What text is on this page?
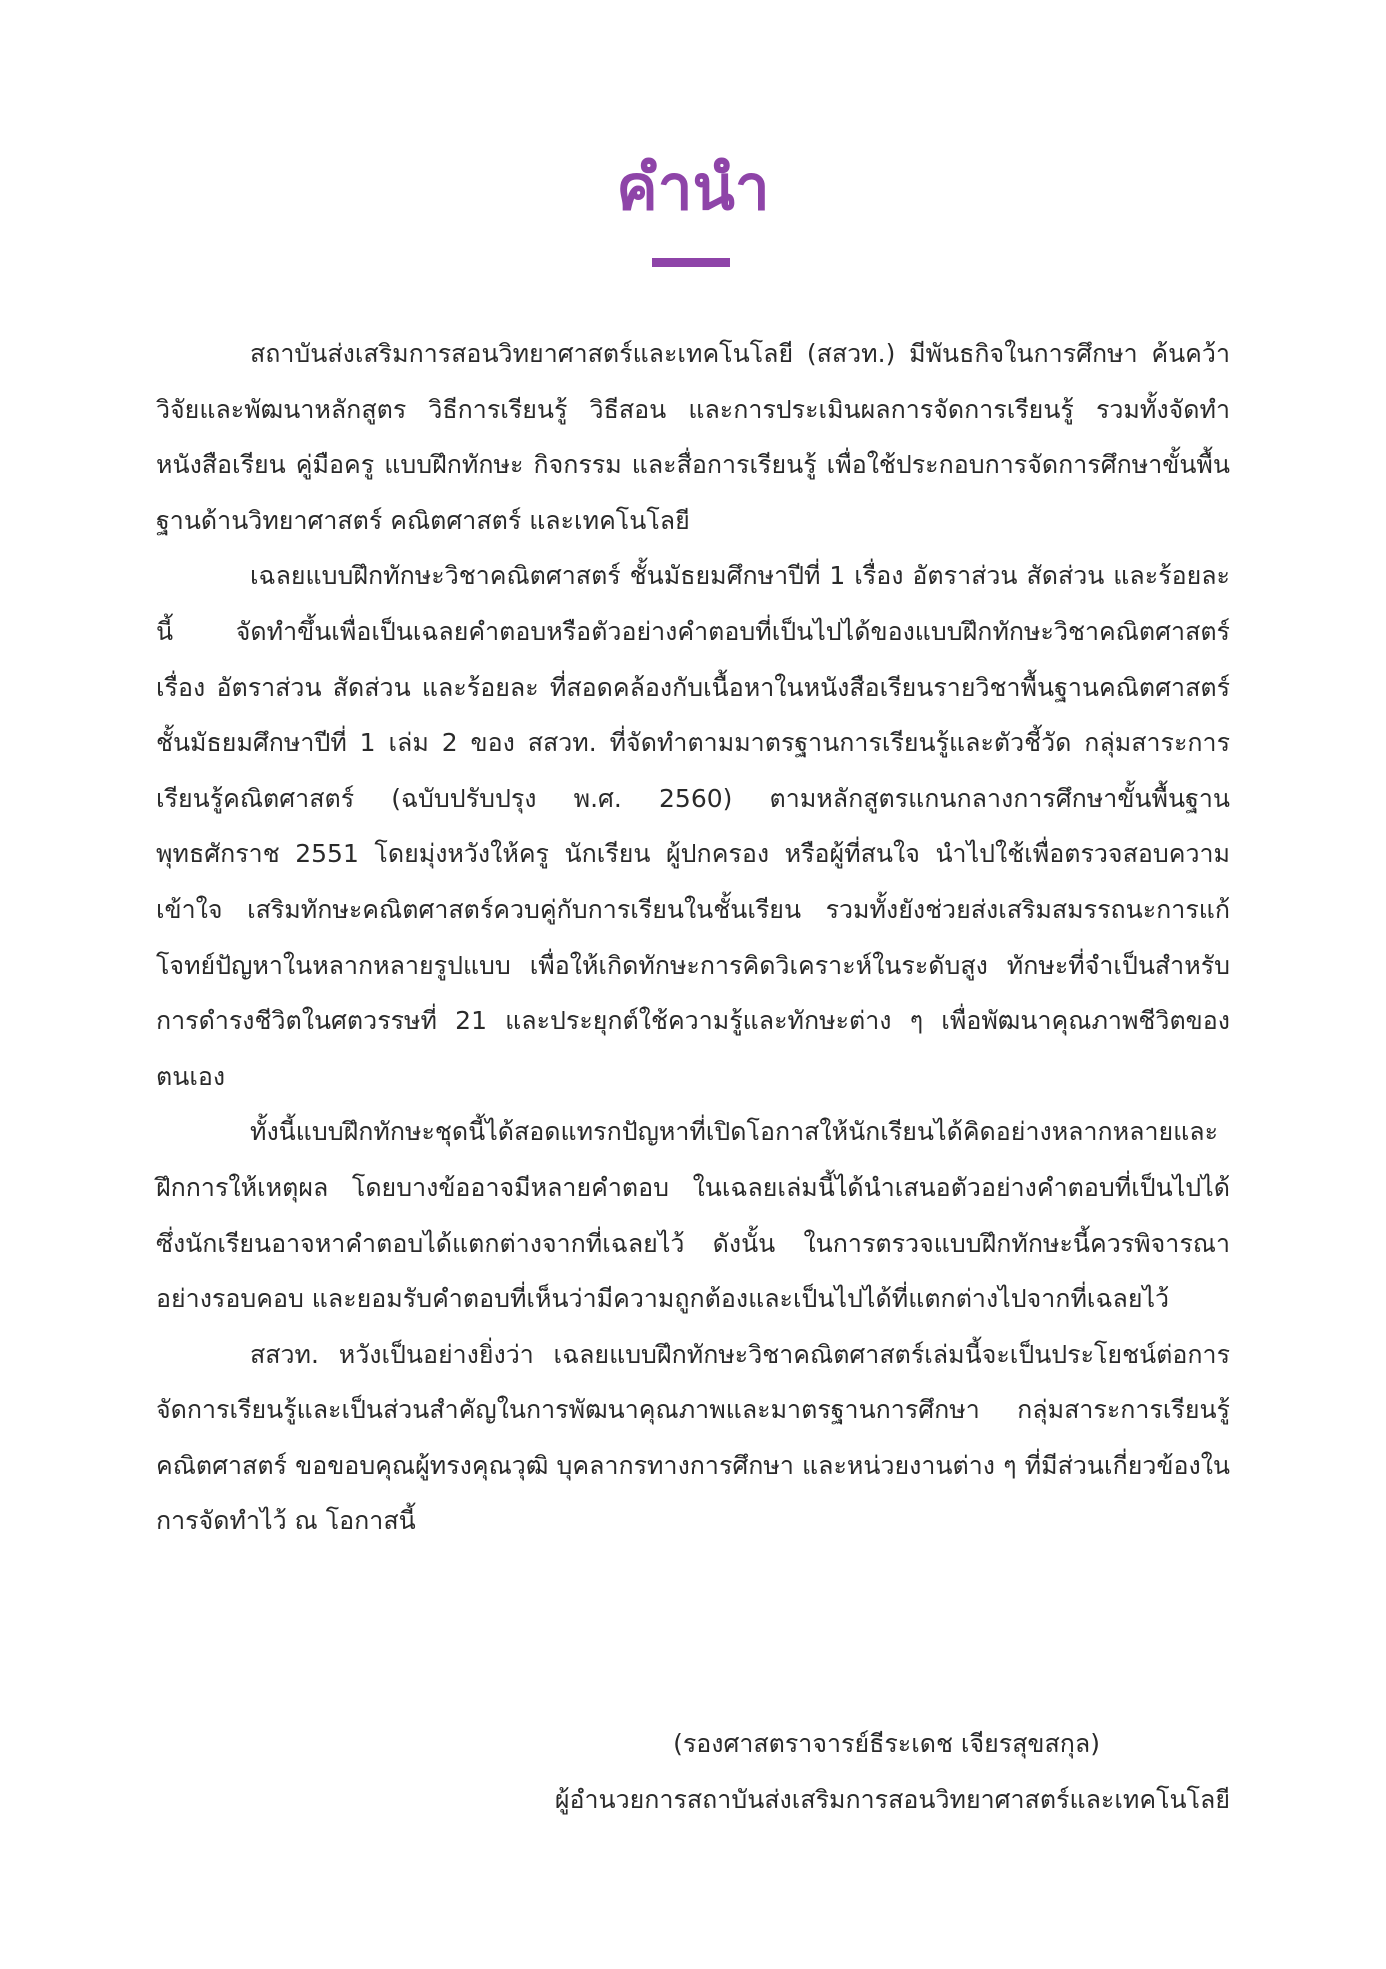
คำนำ

สถาบันส่งเสริมการสอนวิทยาศาสตร์และเทคโนโลยี (สสวท.) มีพันธกิจในการศึกษา ค้นคว้า วิจัยและพัฒนาหลักสูตร วิธีการเรียนรู้ วิธีสอน และการประเมินผลการจัดการเรียนรู้ รวมทั้งจัดทำหนังสือเรียน คู่มือครู แบบฝึกทักษะ กิจกรรม และสื่อการเรียนรู้ เพื่อใช้ประกอบการจัดการศึกษาขั้นพื้นฐานด้านวิทยาศาสตร์ คณิตศาสตร์ และเทคโนโลยี

เฉลยแบบฝึกทักษะวิชาคณิตศาสตร์ ชั้นมัธยมศึกษาปีที่ 1 เรื่อง อัตราส่วน สัดส่วน และร้อยละ นี้ จัดทำขึ้นเพื่อเป็นเฉลยคำตอบหรือตัวอย่างคำตอบที่เป็นไปได้ของแบบฝึกทักษะวิชาคณิตศาสตร์ เรื่อง อัตราส่วน สัดส่วน และร้อยละ ที่สอดคล้องกับเนื้อหาในหนังสือเรียนรายวิชาพื้นฐานคณิตศาสตร์ ชั้นมัธยมศึกษาปีที่ 1 เล่ม 2 ของ สสวท. ที่จัดทำตามมาตรฐานการเรียนรู้และตัวชี้วัด กลุ่มสาระการเรียนรู้คณิตศาสตร์ (ฉบับปรับปรุง พ.ศ. 2560) ตามหลักสูตรแกนกลางการศึกษาขั้นพื้นฐาน พุทธศักราช 2551 โดยมุ่งหวังให้ครู นักเรียน ผู้ปกครอง หรือผู้ที่สนใจ นำไปใช้เพื่อตรวจสอบความเข้าใจ เสริมทักษะคณิตศาสตร์ควบคู่กับการเรียนในชั้นเรียน รวมทั้งยังช่วยส่งเสริมสมรรถนะการแก้โจทย์ปัญหาในหลากหลายรูปแบบ เพื่อให้เกิดทักษะการคิดวิเคราะห์ในระดับสูง ทักษะที่จำเป็นสำหรับการดำรงชีวิตในศตวรรษที่ 21 และประยุกต์ใช้ความรู้และทักษะต่าง ๆ เพื่อพัฒนาคุณภาพชีวิตของตนเอง

ทั้งนี้แบบฝึกทักษะชุดนี้ได้สอดแทรกปัญหาที่เปิดโอกาสให้นักเรียนได้คิดอย่างหลากหลายและฝึกการให้เหตุผล โดยบางข้ออาจมีหลายคำตอบ ในเฉลยเล่มนี้ได้นำเสนอตัวอย่างคำตอบที่เป็นไปได้ ซึ่งนักเรียนอาจหาคำตอบได้แตกต่างจากที่เฉลยไว้ ดังนั้น ในการตรวจแบบฝึกทักษะนี้ควรพิจารณาอย่างรอบคอบ และยอมรับคำตอบที่เห็นว่ามีความถูกต้องและเป็นไปได้ที่แตกต่างไปจากที่เฉลยไว้

สสวท. หวังเป็นอย่างยิ่งว่า เฉลยแบบฝึกทักษะวิชาคณิตศาสตร์เล่มนี้จะเป็นประโยชน์ต่อการจัดการเรียนรู้และเป็นส่วนสำคัญในการพัฒนาคุณภาพและมาตรฐานการศึกษา กลุ่มสาระการเรียนรู้คณิตศาสตร์ ขอขอบคุณผู้ทรงคุณวุฒิ บุคลากรทางการศึกษา และหน่วยงานต่าง ๆ ที่มีส่วนเกี่ยวข้องในการจัดทำไว้ ณ โอกาสนี้

(รองศาสตราจารย์ธีระเดช เจียรสุขสกุล)
ผู้อำนวยการสถาบันส่งเสริมการสอนวิทยาศาสตร์และเทคโนโลยี
